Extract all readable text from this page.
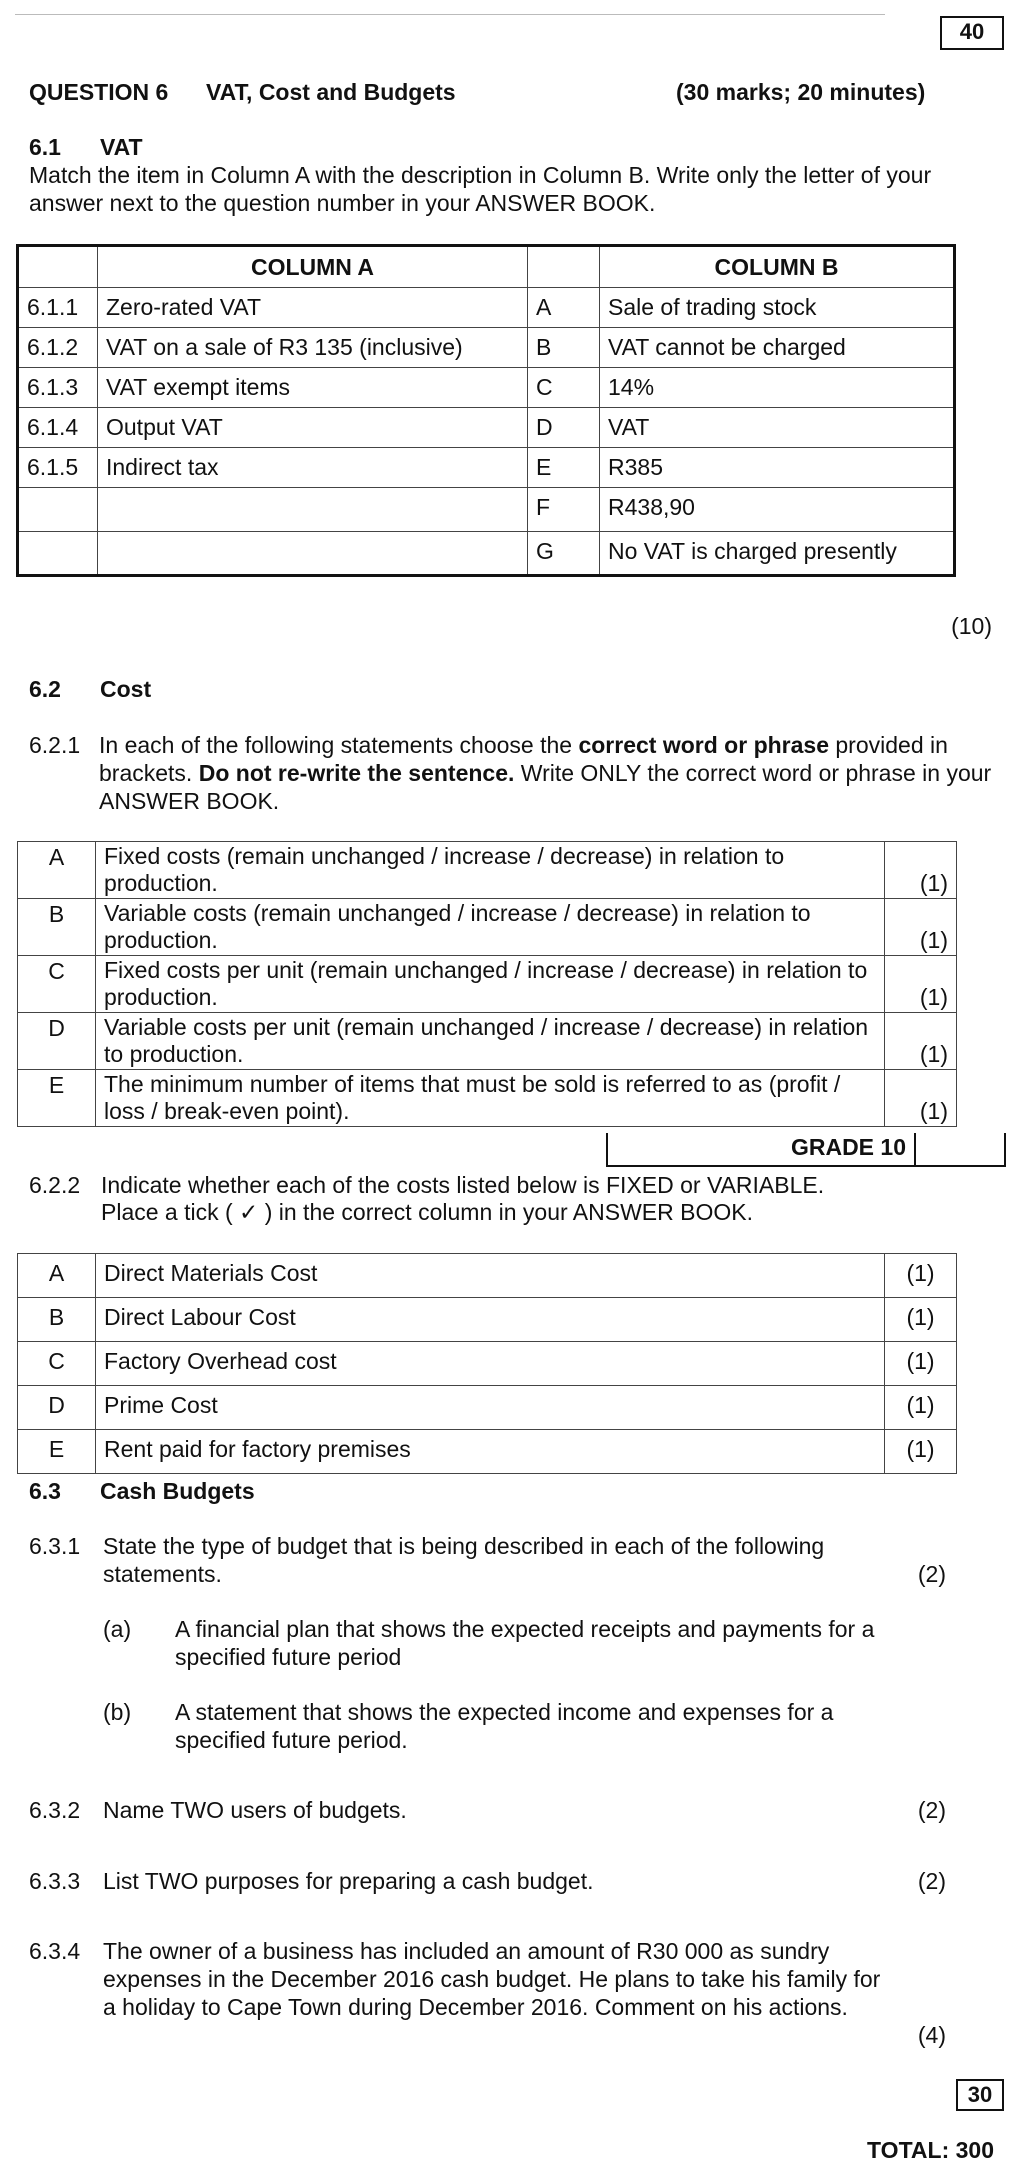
40
QUESTION 6 VAT, Cost and Budgets	(30 marks; 20 minutes)
6.1 VAT
Match the item in Column A with the description in Column B. Write only the letter of your answer next to the question number in your ANSWER BOOK.
	COLUMN A		COLUMN B
6.1.1	Zero-rated VAT	A	Sale of trading stock
6.1.2	VAT on a sale of R3 135 (inclusive)	B	VAT cannot be charged
6.1.3	VAT exempt items	C	14%
6.1.4	Output VAT	D	VAT
6.1.5	Indirect tax	E	R385
		F	R438,90
		G	No VAT is charged presently
(10)
6.2 Cost
6.2.1 In each of the following statements choose the correct word or phrase provided in brackets. Do not re-write the sentence. Write ONLY the correct word or phrase in your ANSWER BOOK.
A	Fixed costs (remain unchanged / increase / decrease) in relation to production.	(1)
B	Variable costs (remain unchanged / increase / decrease) in relation to production.	(1)
C	Fixed costs per unit (remain unchanged / increase / decrease) in relation to production.	(1)
D	Variable costs per unit (remain unchanged / increase / decrease) in relation to production.	(1)
E	The minimum number of items that must be sold is referred to as (profit / loss / break-even point).	(1)
GRADE 10
6.2.2 Indicate whether each of the costs listed below is FIXED or VARIABLE.
Place a tick ( ✓ ) in the correct column in your ANSWER BOOK.
A	Direct Materials Cost	(1)
B	Direct Labour Cost	(1)
C	Factory Overhead cost	(1)
D	Prime Cost	(1)
E	Rent paid for factory premises	(1)
6.3 Cash Budgets
6.3.1 State the type of budget that is being described in each of the following statements.	(2)
(a) A financial plan that shows the expected receipts and payments for a specified future period
(b) A statement that shows the expected income and expenses for a specified future period.
6.3.2 Name TWO users of budgets.	(2)
6.3.3 List TWO purposes for preparing a cash budget.	(2)
6.3.4 The owner of a business has included an amount of R30 000 as sundry expenses in the December 2016 cash budget. He plans to take his family for a holiday to Cape Town during December 2016. Comment on his actions.
(4)
30
TOTAL: 300
